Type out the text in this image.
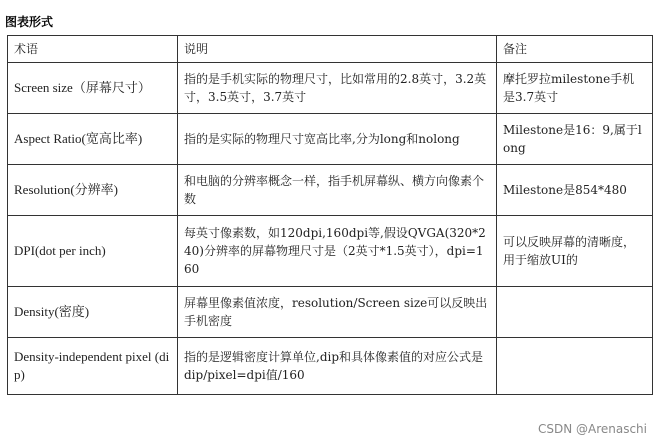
图表形式
术语	说明	备注
Screen size（屏幕尺寸）	指的是手机实际的物理尺寸，比如常用的2.8英寸，3.2英寸，3.5英寸，3.7英寸	摩托罗拉milestone手机是3.7英寸
Aspect Ratio(宽高比率)	指的是实际的物理尺寸宽高比率,分为long和nolong	Milestone是16：9,属于long
Resolution(分辨率)	和电脑的分辨率概念一样，指手机屏幕纵、横方向像素个数	Milestone是854*480
DPI(dot per inch)	每英寸像素数，如120dpi,160dpi等,假设QVGA(320*240)分辨率的屏幕物理尺寸是（2英寸*1.5英寸），dpi=160	可以反映屏幕的清晰度，用于缩放UI的
Density(密度)	屏幕里像素值浓度，resolution/Screen size可以反映出手机密度	
Density-independent pixel (dip)	指的是逻辑密度计算单位,dip和具体像素值的对应公式是dip/pixel=dpi值/160	
CSDN @Arenaschi
